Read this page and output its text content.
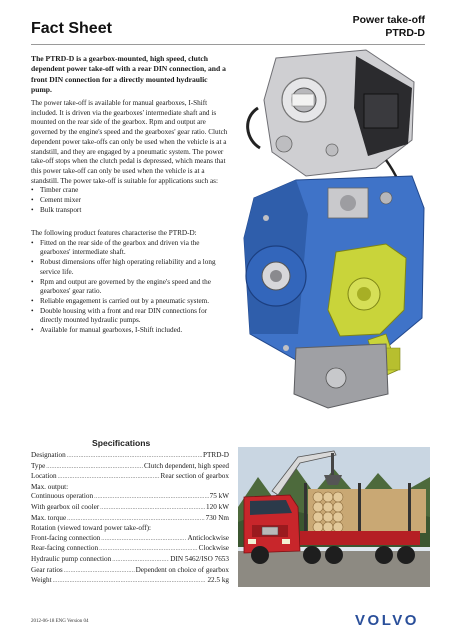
Fact Sheet	Power take-off
PTRD-D

The PTRD-D is a gearbox-mounted, high speed, clutch dependent power take-off with a rear DIN connection, and a front DIN connection for a directly mounted hydraulic pump.

The power take-off is available for manual gearboxes, I-Shift included. It is driven via the gearboxes' intermediate shaft and is mounted on the rear side of the gearbox. Rpm and output are governed by the engine's speed and the gearboxes' gear ratio. Clutch dependent power take-offs can only be used when the vehicle is at a standstill, and they are engaged by a pneumatic system. The power take-off stops when the clutch pedal is depressed, which means that this power take-off can only be used when the vehicle is at a standstill. The power take-off is suitable for applications such as:

• Timber crane
• Cement mixer
• Bulk transport

The following product features characterise the PTRD-D:

• Fitted on the rear side of the gearbox and driven via the gearboxes' intermediate shaft.
• Robust dimensions offer high operating reliability and a long service life.
• Rpm and output are governed by the engine's speed and the gearboxes' gear ratio.
• Reliable engagement is carried out by a pneumatic system.
• Double housing with a front and rear DIN connections for directly mounted hydraulic pumps.
• Available for manual gearboxes, I-Shift included.
Specifications
Designation .....	PTRD-D
Type .....	Clutch dependent, high speed
Location .....	Rear section of gearbox
Max. output:
Continuous operation .....	75 kW
With gearbox oil cooler .....	120 kW
Max. torque .....	730 Nm
Rotation (viewed toward power take-off):
Front-facing connection .....	Anticlockwise
Rear-facing connection .....	Clockwise
Hydraulic pump connection .....	DIN 5462/ISO 7653
Gear ratios .....	Dependent on choice of gearbox
Weight .....	22.5 kg
2012-06-18 ENG Version 04	VOLVO
